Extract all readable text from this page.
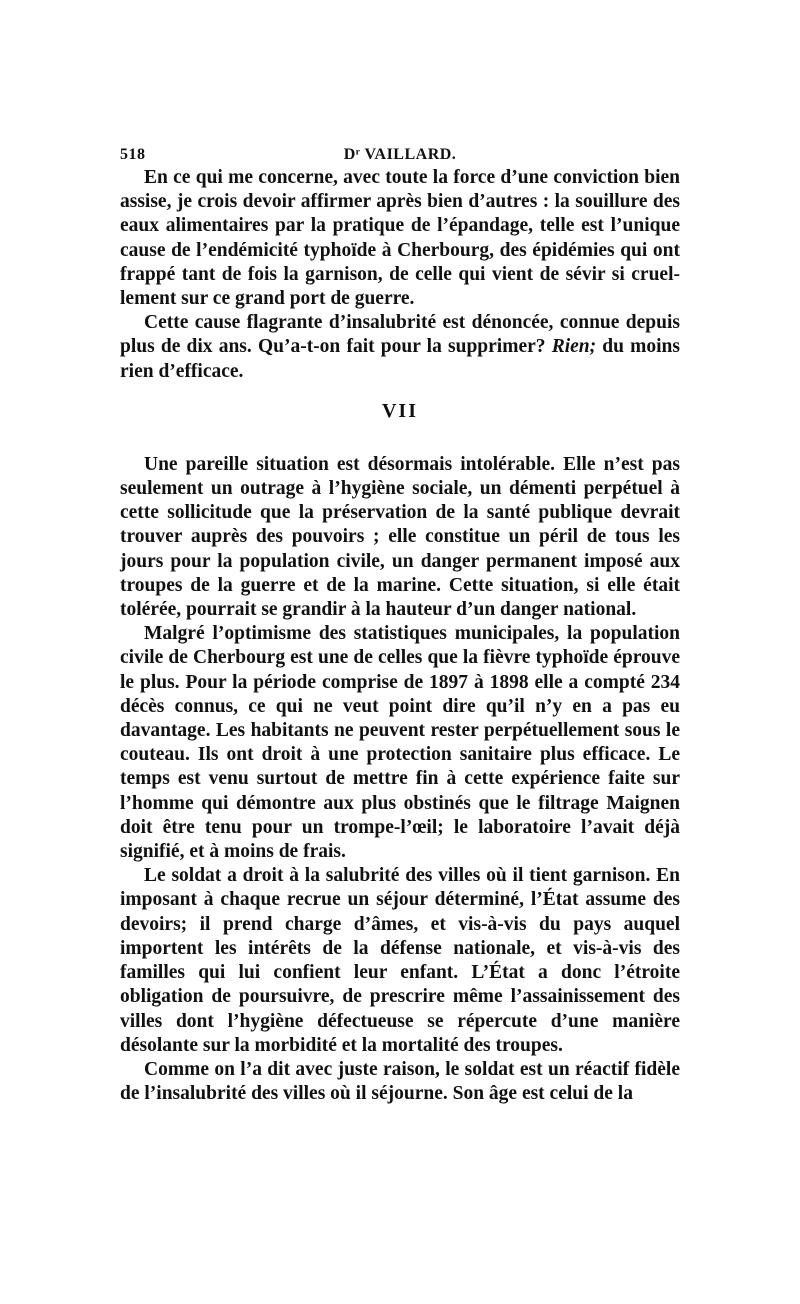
518	Dʳ VAILLARD.

En ce qui me concerne, avec toute la force d’une conviction bien assise, je crois devoir affirmer après bien d’autres : la souillure des eaux alimentaires par la pratique de l’épandage, telle est l’unique cause de l’endémicité typhoïde à Cherbourg, des épidémies qui ont frappé tant de fois la garnison, de celle qui vient de sévir si cruellement sur ce grand port de guerre.

Cette cause flagrante d’insalubrité est dénoncée, connue depuis plus de dix ans. Qu’a-t-on fait pour la supprimer? Rien; du moins rien d’efficace.

VII

Une pareille situation est désormais intolérable. Elle n’est pas seulement un outrage à l’hygiène sociale, un démenti perpétuel à cette sollicitude que la préservation de la santé publique devrait trouver auprès des pouvoirs ; elle constitue un péril de tous les jours pour la population civile, un danger permanent imposé aux troupes de la guerre et de la marine. Cette situation, si elle était tolérée, pourrait se grandir à la hauteur d’un danger national.

Malgré l’optimisme des statistiques municipales, la population civile de Cherbourg est une de celles que la fièvre typhoïde éprouve le plus. Pour la période comprise de 1897 à 1898 elle a compté 234 décès connus, ce qui ne veut point dire qu’il n’y en a pas eu davantage. Les habitants ne peuvent rester perpétuellement sous le couteau. Ils ont droit à une protection sanitaire plus efficace. Le temps est venu surtout de mettre fin à cette expérience faite sur l’homme qui démontre aux plus obstinés que le filtrage Maignen doit être tenu pour un trompe-l’œil; le laboratoire l’avait déjà signifié, et à moins de frais.

Le soldat a droit à la salubrité des villes où il tient garnison. En imposant à chaque recrue un séjour déterminé, l’État assume des devoirs; il prend charge d’âmes, et vis-à-vis du pays auquel importent les intérêts de la défense nationale, et vis-à-vis des familles qui lui confient leur enfant. L’État a donc l’étroite obligation de poursuivre, de prescrire même l’assainissement des villes dont l’hygiène défectueuse se répercute d’une manière désolante sur la morbidité et la mortalité des troupes.

Comme on l’a dit avec juste raison, le soldat est un réactif fidèle de l’insalubrité des villes où il séjourne. Son âge est celui de la
